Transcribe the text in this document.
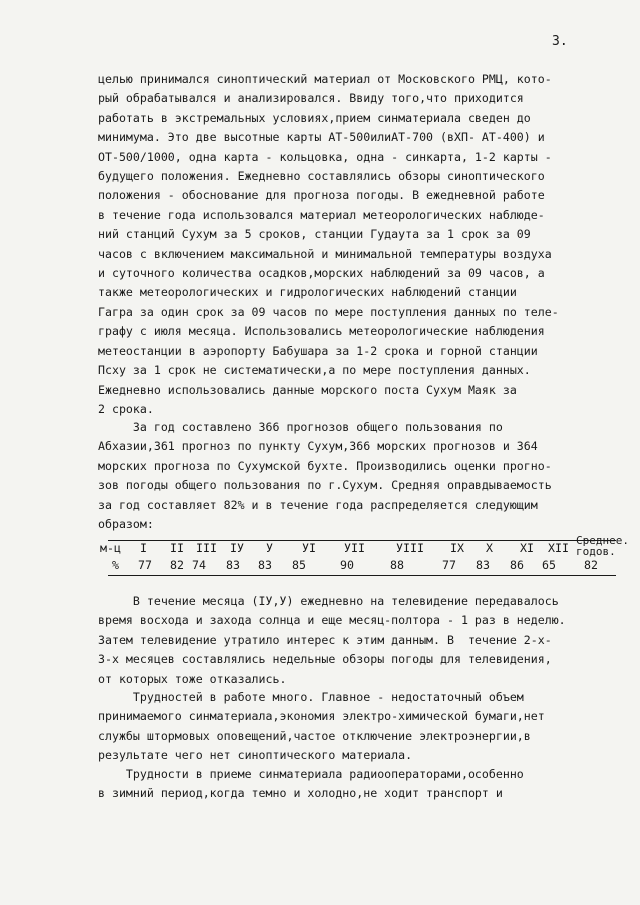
3.
целью принимался синоптический материал от Московского РМЦ, кото-
рый обрабатывался и анализировался. Ввиду того,что приходится
работать в экстремальных условиях,прием синматериала сведен до
минимума. Это две высотные карты АТ-500илиАТ-700 (вХП- АТ-400) и
ОТ-500/1000, одна карта - кольцовка, одна - синкарта, 1-2 карты -
будущего положения. Ежедневно составлялись обзоры синоптического
положения - обоснование для прогноза погоды. В ежедневной работе
в течение года использовался материал метеорологических наблюде-
ний станций Сухум за 5 сроков, станции Гудаута за 1 срок за 09
часов с включением максимальной и минимальной температуры воздуха
и суточного количества осадков,морских наблюдений за 09 часов, а
также метеорологических и гидрологических наблюдений станции
Гагра за один срок за 09 часов по мере поступления данных по теле-
графу с июля месяца. Использовались метеорологические наблюдения
метеостанции в аэропорту Бабушара за 1-2 срока и горной станции
Псху за 1 срок не систематически,а по мере поступления данных.
Ежедневно использовались данные морского поста Сухум Маяк за
2 срока.
За год составлено 366 прогнозов общего пользования по
Абхазии,361 прогноз по пункту Сухум,366 морских прогнозов и 364
морских прогноза по Сухумской бухте. Производились оценки прогно-
зов погоды общего пользования по г.Сухум. Средняя оправдываемость
за год составляет 82% и в течение года распределяется следующим
образом:
м-ц
%
I
77
II
82
III
74
IУ
83
У
83
УI
85
УII
90
УIII
88
IX
77
X
83
XI
86
XII
65
Среднее.
годов.
82
В течение месяца (IУ,У) ежедневно на телевидение передавалось
время восхода и захода солнца и еще месяц-полтора - 1 раз в неделю.
Затем телевидение утратило интерес к этим данным. В  течение 2-х-
3-х месяцев составлялись недельные обзоры погоды для телевидения,
от которых тоже отказались.
Трудностей в работе много. Главное - недостаточный объем
принимаемого синматериала,экономия электро-химической бумаги,нет
службы штормовых оповещений,частое отключение электроэнергии,в
результате чего нет синоптического материала.
Трудности в приеме синматериала радиооператорами,особенно
в зимний период,когда темно и холодно,не ходит транспорт и
